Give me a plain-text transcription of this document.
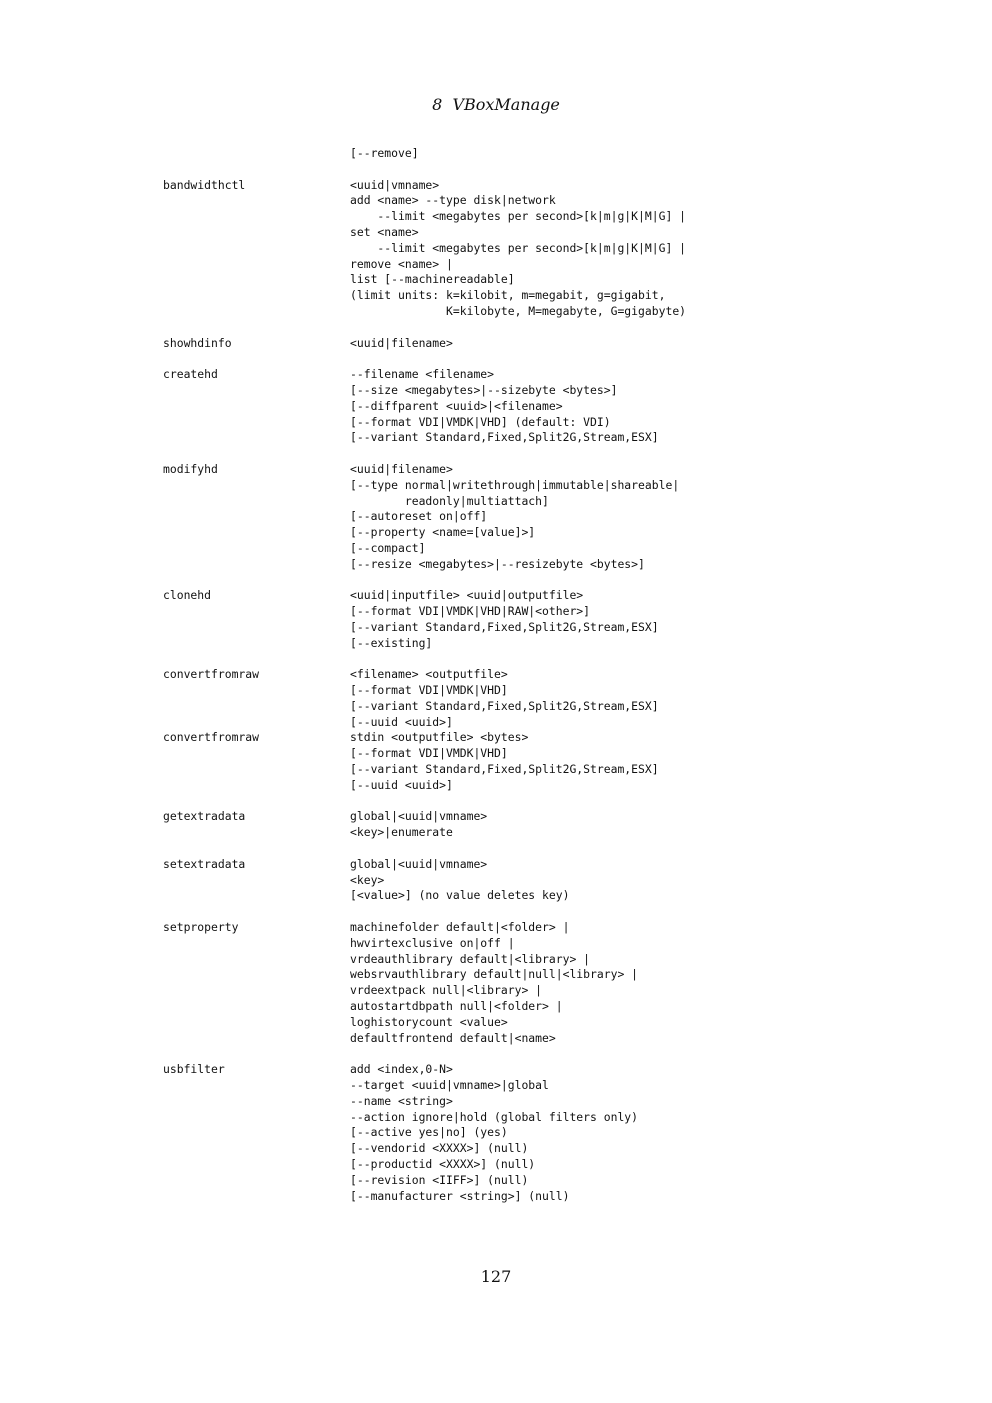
8 VBoxManage
[--remove]
bandwidthctl	<uuid|vmname>
add <name> --type disk|network
--limit <megabytes per second>[k|m|g|K|M|G] |
set <name>
--limit <megabytes per second>[k|m|g|K|M|G] |
remove <name> |
list [--machinereadable]
(limit units: k=kilobit, m=megabit, g=gigabit,
K=kilobyte, M=megabyte, G=gigabyte)
showhdinfo	<uuid|filename>
createhd	--filename <filename>
[--size <megabytes>|--sizebyte <bytes>]
[--diffparent <uuid>|<filename>
[--format VDI|VMDK|VHD] (default: VDI)
[--variant Standard,Fixed,Split2G,Stream,ESX]
modifyhd	<uuid|filename>
[--type normal|writethrough|immutable|shareable|
readonly|multiattach]
[--autoreset on|off]
[--property <name=[value]>]
[--compact]
[--resize <megabytes>|--resizebyte <bytes>]
clonehd	<uuid|inputfile> <uuid|outputfile>
[--format VDI|VMDK|VHD|RAW|<other>]
[--variant Standard,Fixed,Split2G,Stream,ESX]
[--existing]
convertfromraw	<filename> <outputfile>
[--format VDI|VMDK|VHD]
[--variant Standard,Fixed,Split2G,Stream,ESX]
[--uuid <uuid>]
convertfromraw	stdin <outputfile> <bytes>
[--format VDI|VMDK|VHD]
[--variant Standard,Fixed,Split2G,Stream,ESX]
[--uuid <uuid>]
getextradata	global|<uuid|vmname>
<key>|enumerate
setextradata	global|<uuid|vmname>
<key>
[<value>] (no value deletes key)
setproperty	machinefolder default|<folder> |
hwvirtexclusive on|off |
vrdeauthlibrary default|<library> |
websrvauthlibrary default|null|<library> |
vrdeextpack null|<library> |
autostartdbpath null|<folder> |
loghistorycount <value>
defaultfrontend default|<name>
usbfilter	add <index,0-N>
--target <uuid|vmname>|global
--name <string>
--action ignore|hold (global filters only)
[--active yes|no] (yes)
[--vendorid <XXXX>] (null)
[--productid <XXXX>] (null)
[--revision <IIFF>] (null)
[--manufacturer <string>] (null)
127
